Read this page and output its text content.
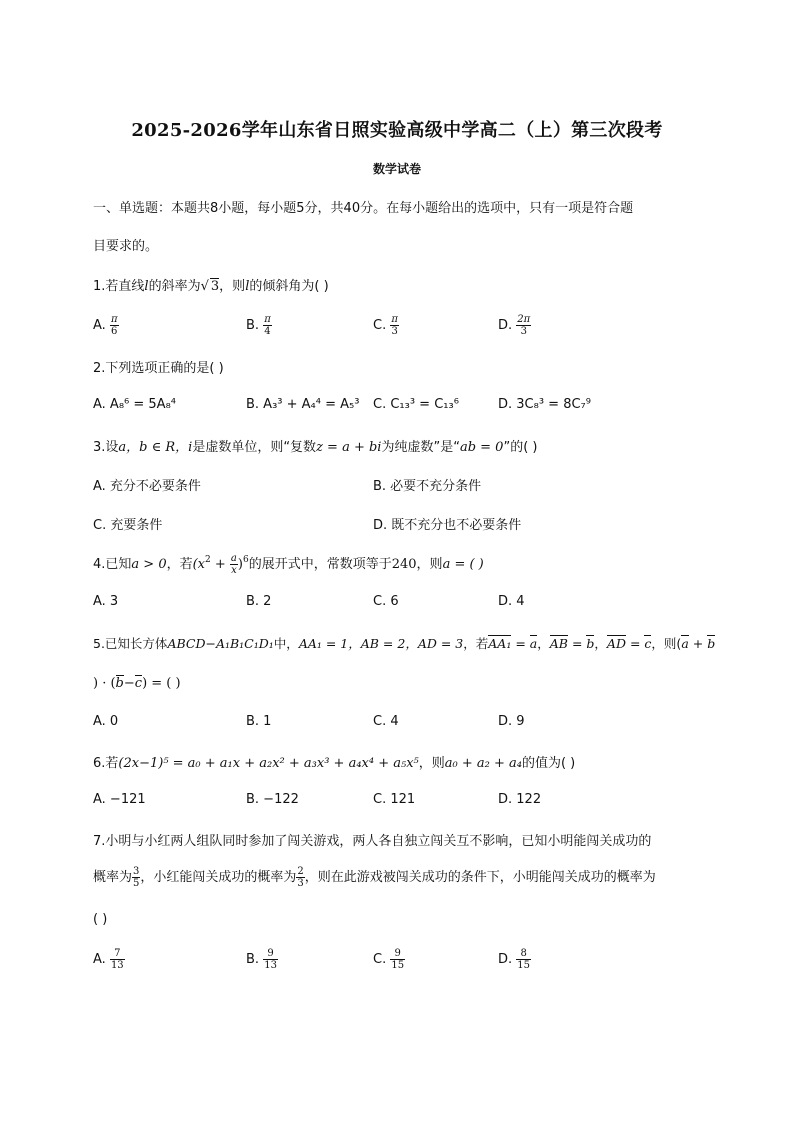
2025-2026学年山东省日照实验高级中学高二（上）第三次段考
数学试卷
一、单选题：本题共8小题，每小题5分，共40分。在每小题给出的选项中，只有一项是符合题
目要求的。
1.若直线l的斜率为√ 3，则l的倾斜角为( )
A. $\frac{\pi}{6}$	B. $\frac{\pi}{4}$	C. $\frac{\pi}{3}$	D. $\frac{2\pi}{3}$
2.下列选项正确的是( )
A. A₈⁶ = 5A₈⁴	B. A₃³ + A₄⁴ = A₅³ C. C₁₃³ = C₁₃⁶	D. 3C₈³ = 8C₇⁹
3.设a，b ∈ R，i是虚数单位，则“复数z = a + bi为纯虚数”是“ab = 0”的( )
A. 充分不必要条件	B. 必要不充分条件
C. 充要条件	D. 既不充分也不必要条件
4.已知a > 0，若$(x^2 + \frac{a}{x} )^6$的展开式中，常数项等于240，则a = ( )
A. 3	B. 2	C. 6	D. 4
5.已知长方体ABCD−A₁B₁C₁D₁中，AA₁ = 1，AB = 2，AD = 3，若AA₁ = a，AB = b，AD = c，则(a + b
) · (b−c) = ( )
A. 0	B. 1	C. 4	D. 9
6.若(2x−1)⁵ = a₀ + a₁x + a₂x² + a₃x³ + a₄x⁴ + a₅x⁵，则a₀ + a₂ + a₄的值为( )
A. −121	B. −122	C. 121	D. 122
7.小明与小红两人组队同时参加了闯关游戏，两人各自独立闯关互不影响，已知小明能闯关成功的
概率为 $\frac{3}{5}$ ，小红能闯关成功的概率为 $\frac{2}{3}$ ，则在此游戏被闯关成功的条件下，小明能闯关成功的概率为
( )
A. $\frac{7}{13}$	B. $\frac{9}{13}$	C. $\frac{9}{15}$	D. $\frac{8}{15}$
